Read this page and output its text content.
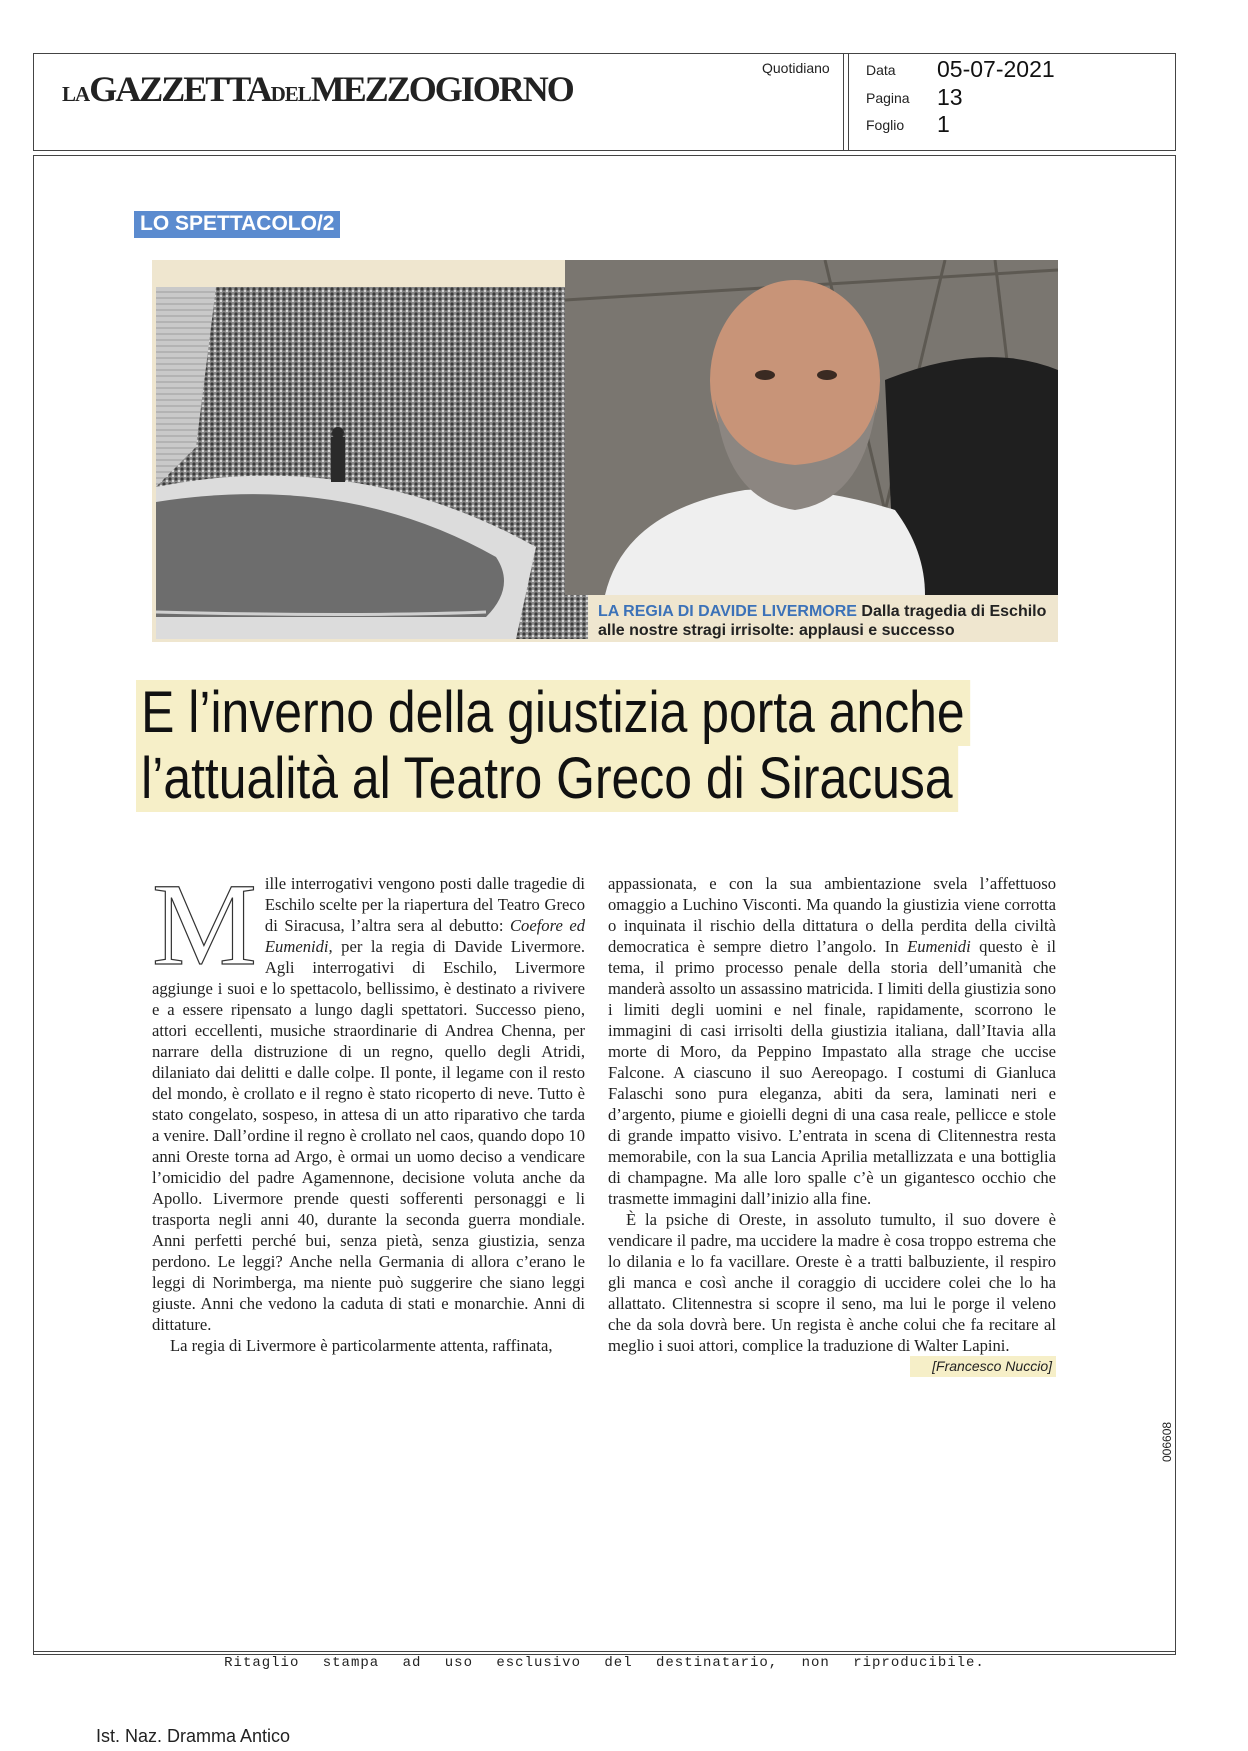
LAGAZZETTADELMEZZOGIORNO
Quotidiano	Data 05-07-2021
Pagina 13
Foglio 1
LO SPETTACOLO/2
LA REGIA DI DAVIDE LIVERMORE Dalla tragedia di Eschilo alle nostre stragi irrisolte: applausi e successo
E l’inverno della giustizia porta anche
l’attualità al Teatro Greco di Siracusa

Mille interrogativi vengono posti dalle tragedie di Eschilo scelte per la riapertura del Teatro Greco di Siracusa, l’altra sera al debutto: Coefore ed Eumenidi, per la regia di Davide Livermore. Agli interrogativi di Eschilo, Livermore aggiunge i suoi e lo spettacolo, bellissimo, è destinato a rivivere e a essere ripensato a lungo dagli spettatori. Successo pieno, attori eccellenti, musiche straordinarie di Andrea Chenna, per narrare della distruzione di un regno, quello degli Atridi, dilaniato dai delitti e dalle colpe. Il ponte, il legame con il resto del mondo, è crollato e il regno è stato ricoperto di neve. Tutto è stato congelato, sospeso, in attesa di un atto riparativo che tarda a venire. Dall’ordine il regno è crollato nel caos, quando dopo 10 anni Oreste torna ad Argo, è ormai un uomo deciso a vendicare l’omicidio del padre Agamennone, decisione voluta anche da Apollo. Livermore prende questi sofferenti personaggi e li trasporta negli anni 40, durante la seconda guerra mondiale. Anni perfetti perché bui, senza pietà, senza giustizia, senza perdono. Le leggi? Anche nella Germania di allora c’erano le leggi di Norimberga, ma niente può suggerire che siano leggi giuste. Anni che vedono la caduta di stati e monarchie. Anni di dittature.

La regia di Livermore è particolarmente attenta, raffinata,

appassionata, e con la sua ambientazione svela l’affettuoso omaggio a Luchino Visconti. Ma quando la giustizia viene corrotta o inquinata il rischio della dittatura o della perdita della civiltà democratica è sempre dietro l’angolo. In Eumenidi questo è il tema, il primo processo penale della storia dell’umanità che manderà assolto un assassino matricida. I limiti della giustizia sono i limiti degli uomini e nel finale, rapidamente, scorrono le immagini di casi irrisolti della giustizia italiana, dall’Itavia alla morte di Moro, da Peppino Impastato alla strage che uccise Falcone. A ciascuno il suo Aereopago. I costumi di Gianluca Falaschi sono pura eleganza, abiti da sera, laminati neri e d’argento, piume e gioielli degni di una casa reale, pellicce e stole di grande impatto visivo. L’entrata in scena di Clitennestra resta memorabile, con la sua Lancia Aprilia metallizzata e una bottiglia di champagne. Ma alle loro spalle c’è un gigantesco occhio che trasmette immagini dall’inizio alla fine.

È la psiche di Oreste, in assoluto tumulto, il suo dovere è vendicare il padre, ma uccidere la madre è cosa troppo estrema che lo dilania e lo fa vacillare. Oreste è a tratti balbuziente, il respiro gli manca e così anche il coraggio di uccidere colei che lo ha allattato. Clitennestra si scopre il seno, ma lui le porge il veleno che da sola dovrà bere. Un regista è anche colui che fa recitare al meglio i suoi attori, complice la traduzione di Walter Lapini.
[Francesco Nuccio]

006608
Ritaglio stampa ad uso esclusivo del destinatario, non riproducibile.
Ist. Naz. Dramma Antico
